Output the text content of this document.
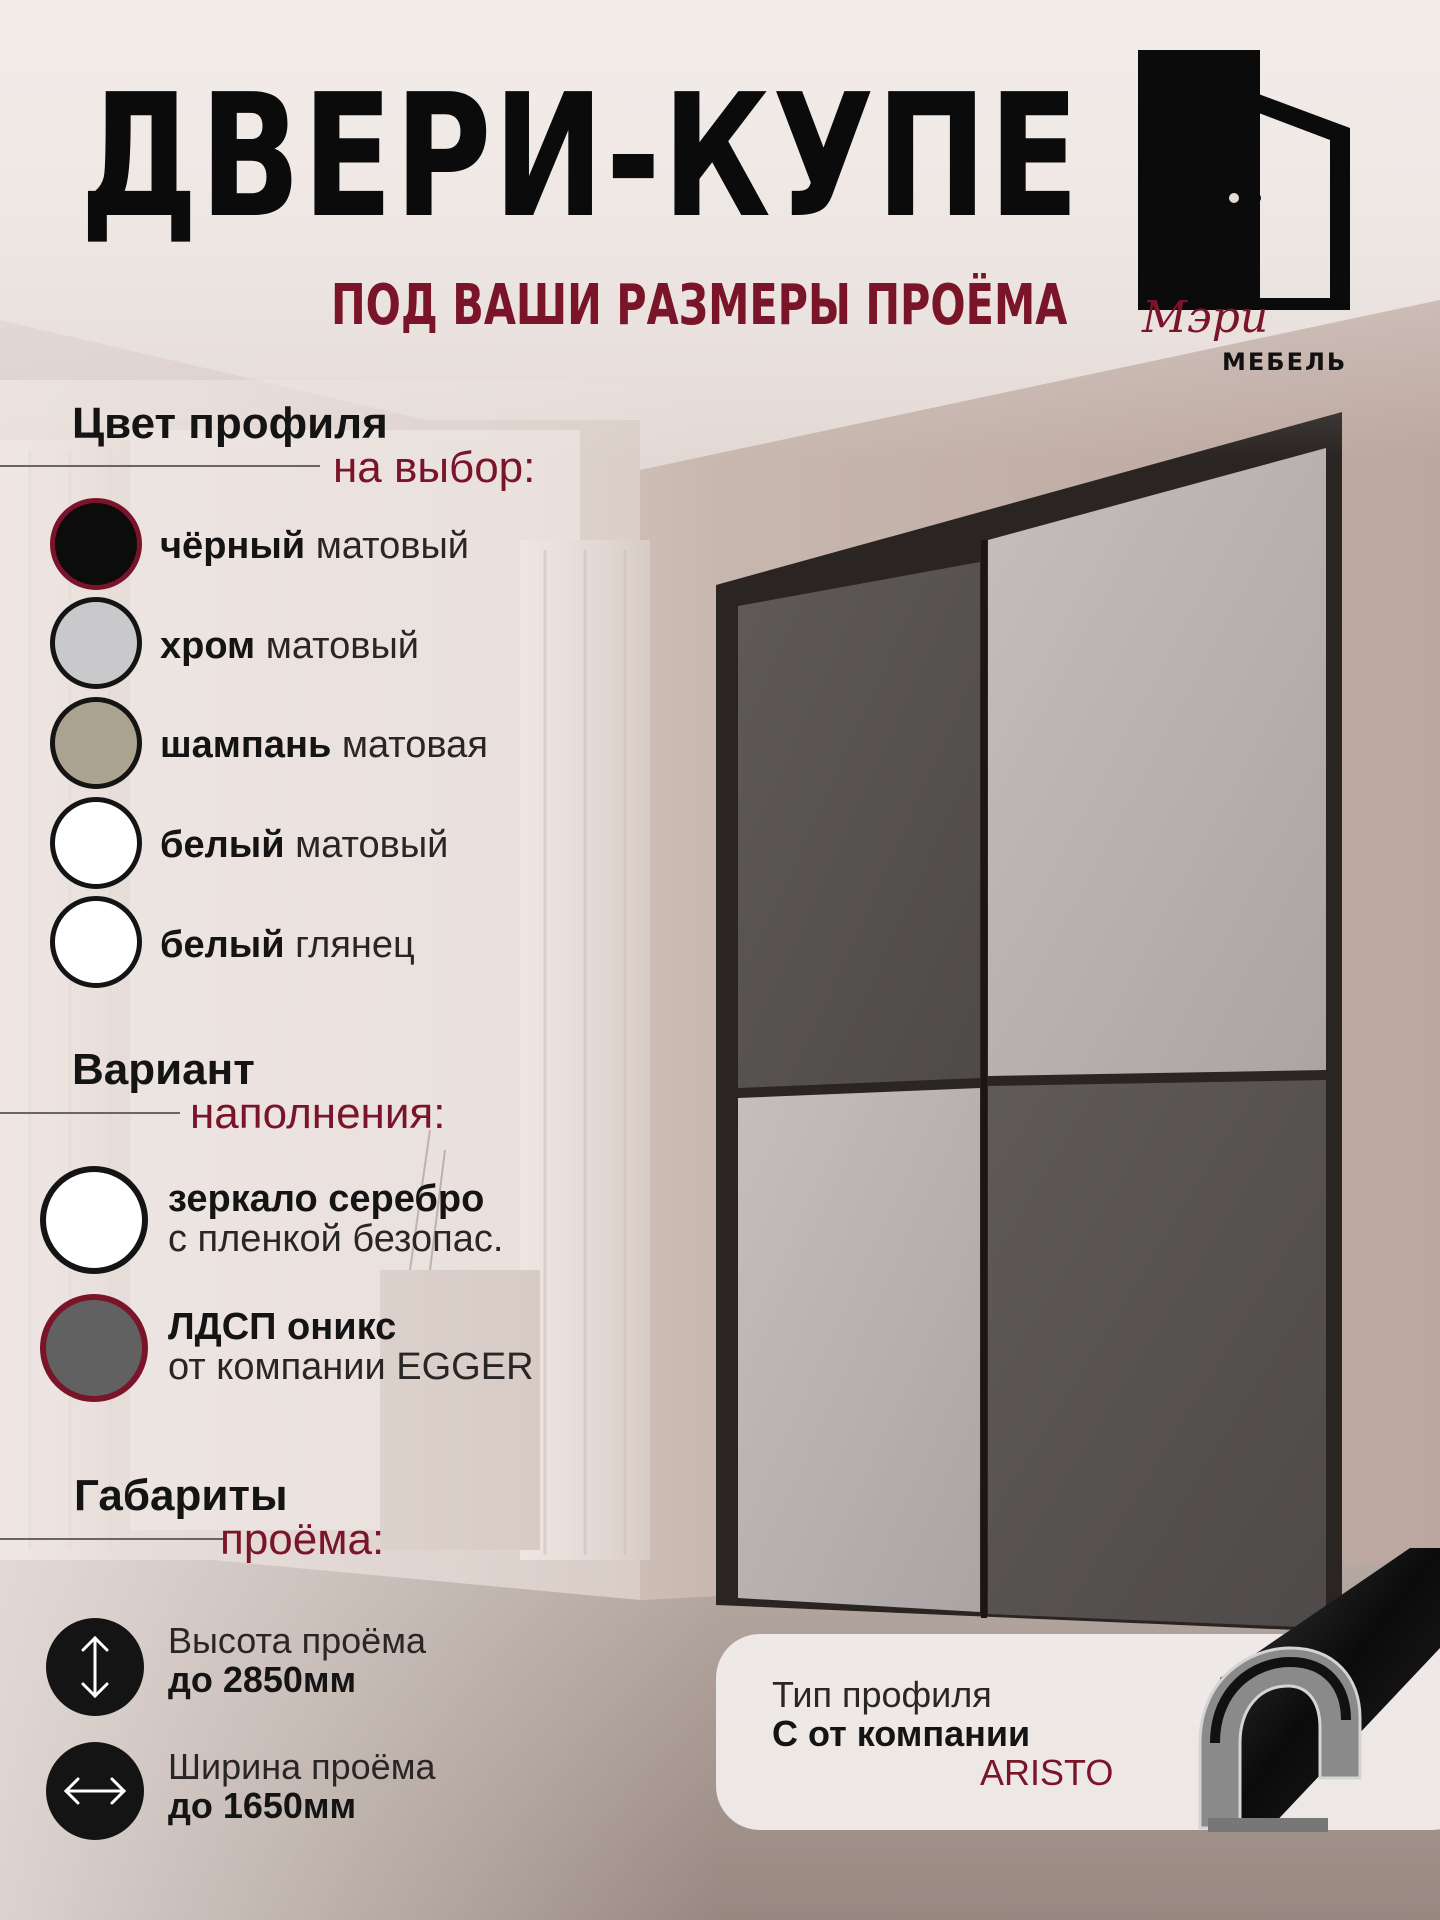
ДВЕРИ-КУПЕ
ПОД ВАШИ РАЗМЕРЫ ПРОЁМА Мэри
МЕБЕЛЬ
Цвет профиля
на выбор:
чёрный матовый
хром матовый
шампань матовая
белый матовый
белый глянец
Вариант
наполнения:
зеркало серебро
с пленкой безопас.
ЛДСП оникс
от компании EGGER
Габариты
проёма:
Высота проёма
до 2850мм
Ширина проёма
до 1650мм
Тип профиля
С от компании
ARISTO
